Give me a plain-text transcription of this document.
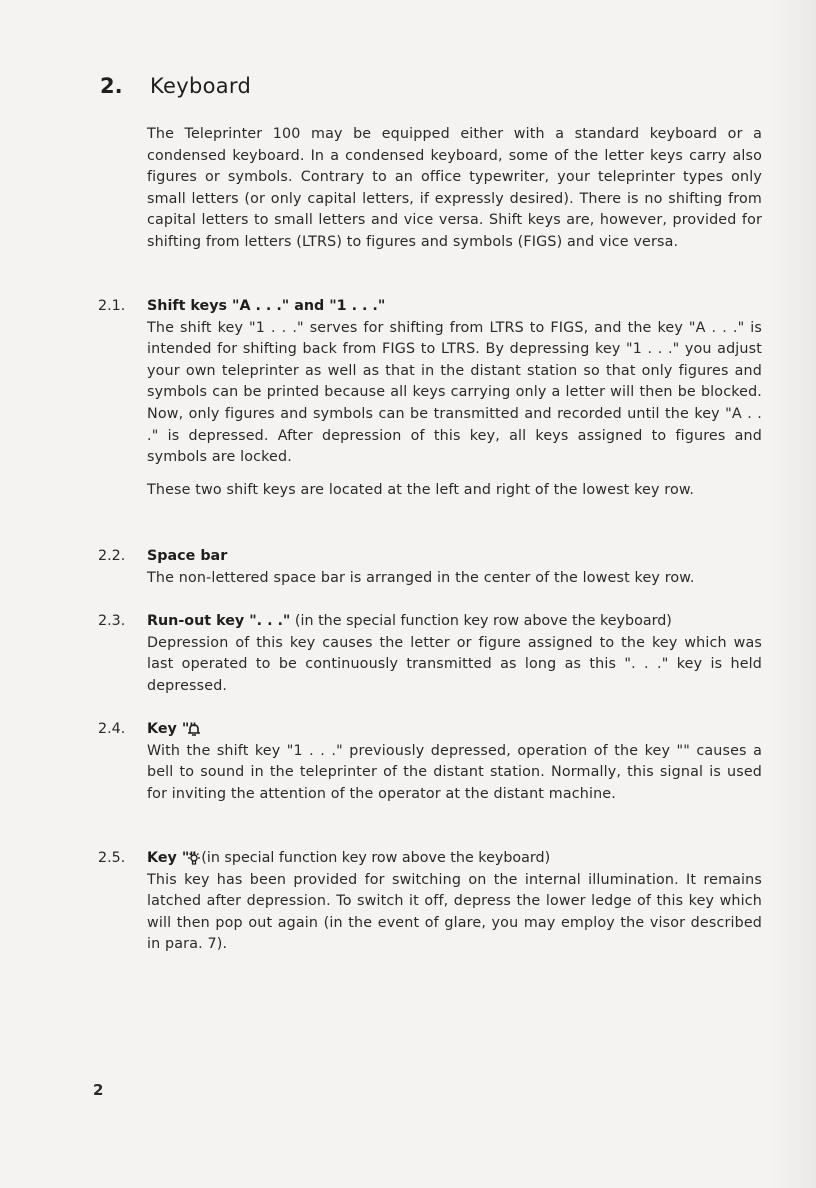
2. Keyboard

The Teleprinter 100 may be equipped either with a standard keyboard or a condensed keyboard. In a condensed keyboard, some of the letter keys carry also figures or symbols. Contrary to an office typewriter, your teleprinter types only small letters (or only capital letters, if expressly desired). There is no shifting from capital letters to small letters and vice versa. Shift keys are, however, provided for shifting from letters (LTRS) to figures and symbols (FIGS) and vice versa.

2.1. Shift keys "A . . ." and "1 . . ."
The shift key "1 . . ." serves for shifting from LTRS to FIGS, and the key "A . . ." is intended for shifting back from FIGS to LTRS. By depressing key "1 . . ." you adjust your own teleprinter as well as that in the distant station so that only figures and symbols can be printed because all keys carrying only a letter will then be blocked. Now, only figures and symbols can be transmitted and recorded until the key "A . . ." is depressed. After depression of this key, all keys assigned to figures and symbols are locked.
These two shift keys are located at the left and right of the lowest key row.
2.2. Space bar
The non-lettered space bar is arranged in the center of the lowest key row.
2.3. Run-out key ". . ." (in the special function key row above the keyboard)
Depression of this key causes the letter or figure assigned to the key which was last operated to be continuously transmitted as long as this ". . ." key is held depressed.
2.4. Key ""
With the shift key "1 . . ." previously depressed, operation of the key "" causes a bell to sound in the teleprinter of the distant station. Normally, this signal is used for inviting the attention of the operator at the distant machine.
2.5. Key "" (in special function key row above the keyboard)
This key has been provided for switching on the internal illumination. It remains latched after depression. To switch it off, depress the lower ledge of this key which will then pop out again (in the event of glare, you may employ the visor described in para. 7).
2
